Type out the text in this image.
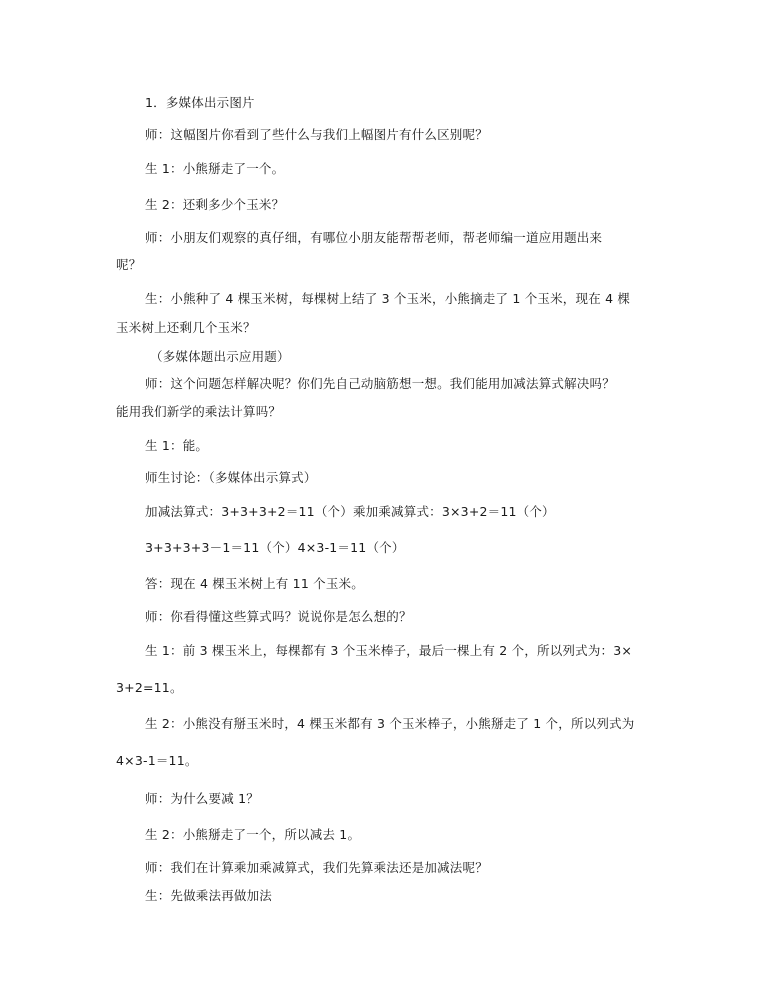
1．多媒体出示图片
师：这幅图片你看到了些什么与我们上幅图片有什么区别呢？
生 1：小熊掰走了一个。
生 2：还剩多少个玉米？
师：小朋友们观察的真仔细，有哪位小朋友能帮帮老师，帮老师编一道应用题出来
呢？
生：小熊种了 4 棵玉米树，每棵树上结了 3 个玉米，小熊摘走了 1 个玉米，现在 4 棵
玉米树上还剩几个玉米？
（多媒体题出示应用题）
师：这个问题怎样解决呢？你们先自己动脑筋想一想。我们能用加减法算式解决吗？
能用我们新学的乘法计算吗？
生 1：能。
师生讨论：（多媒体出示算式）
加减法算式：3+3+3+2＝11（个）乘加乘减算式：3×3+2＝11（个）
3+3+3+3－1＝11（个）4×3-1＝11（个）
答：现在 4 棵玉米树上有 11 个玉米。
师：你看得懂这些算式吗？说说你是怎么想的？
生 1：前 3 棵玉米上，每棵都有 3 个玉米棒子，最后一棵上有 2 个，所以列式为：3×
3+2=11。
生 2：小熊没有掰玉米时，4 棵玉米都有 3 个玉米棒子，小熊掰走了 1 个，所以列式为
4×3-1＝11。
师：为什么要减 1？
生 2：小熊掰走了一个，所以减去 1。
师：我们在计算乘加乘减算式，我们先算乘法还是加减法呢？
生：先做乘法再做加法
